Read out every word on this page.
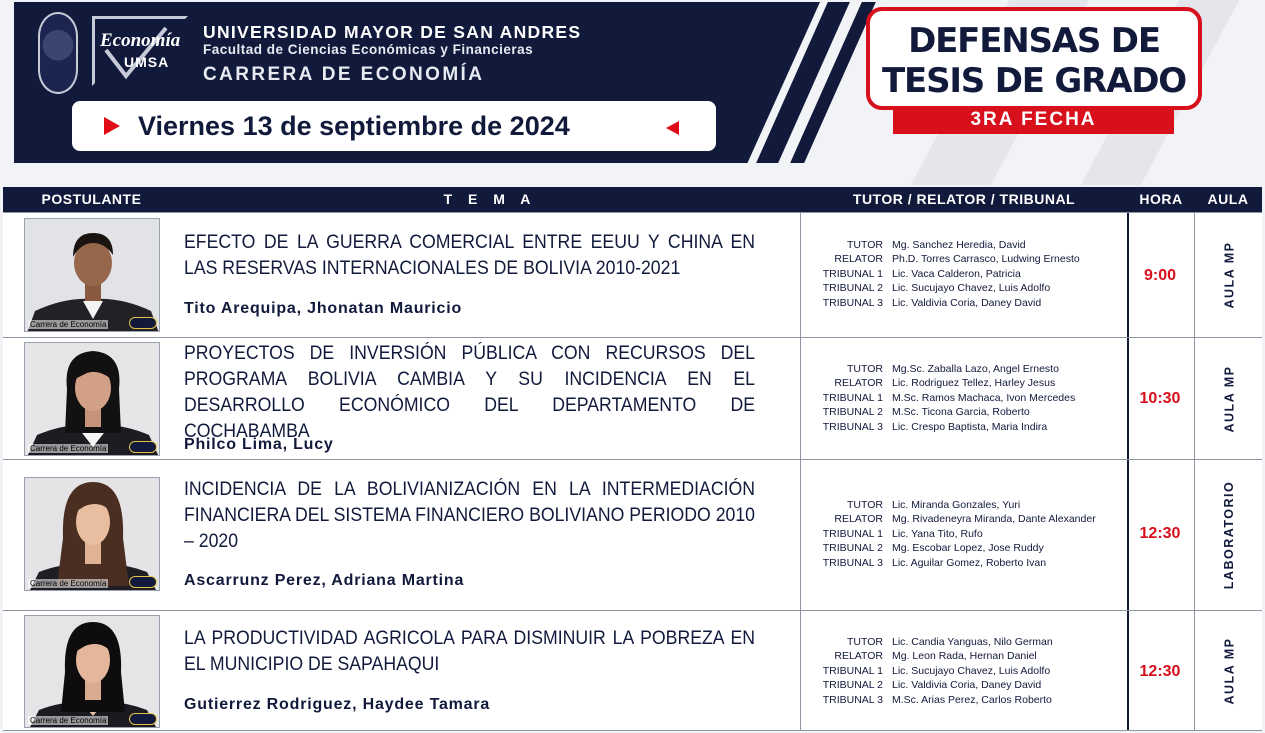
Economía
UMSA
UNIVERSIDAD MAYOR DE SAN ANDRES
Facultad de Ciencias Económicas y Financieras
CARRERA DE ECONOMÍA
Viernes 13 de septiembre de 2024
DEFENSAS DE
TESIS DE GRADO
3RA FECHA
POSTULANTE	T E M A	TUTOR / RELATOR / TRIBUNAL	HORA	AULA
Carrera de Economía
EFECTO DE LA GUERRA COMERCIAL ENTRE EEUU Y CHINA EN LAS RESERVAS INTERNACIONALES DE BOLIVIA 2010-2021
Tito Arequipa, Jhonatan Mauricio
TUTOR Mg. Sanchez Heredia, David
RELATOR Ph.D. Torres Carrasco, Ludwing Ernesto
TRIBUNAL 1 Lic. Vaca Calderon, Patricia
TRIBUNAL 2 Lic. Sucujayo Chavez, Luis Adolfo
TRIBUNAL 3 Lic. Valdivia Coria, Daney David
9:00	AULA MP
Carrera de Economía
PROYECTOS DE INVERSIÓN PÚBLICA CON RECURSOS DEL PROGRAMA BOLIVIA CAMBIA Y SU INCIDENCIA EN EL DESARROLLO ECONÓMICO DEL DEPARTAMENTO DE COCHABAMBA
Philco Lima, Lucy
TUTOR Mg.Sc. Zaballa Lazo, Angel Ernesto
RELATOR Lic. Rodriguez Tellez, Harley Jesus
TRIBUNAL 1 M.Sc. Ramos Machaca, Ivon Mercedes
TRIBUNAL 2 M.Sc. Ticona Garcia, Roberto
TRIBUNAL 3 Lic. Crespo Baptista, Maria Indira
10:30	AULA MP
Carrera de Economía
INCIDENCIA DE LA BOLIVIANIZACIÓN EN LA INTERMEDIACIÓN FINANCIERA DEL SISTEMA FINANCIERO BOLIVIANO PERIODO 2010 – 2020
Ascarrunz Perez, Adriana Martina
TUTOR Lic. Miranda Gonzales, Yuri
RELATOR Mg. Rivadeneyra Miranda, Dante Alexander
TRIBUNAL 1 Lic. Yana Tito, Rufo
TRIBUNAL 2 Mg. Escobar Lopez, Jose Ruddy
TRIBUNAL 3 Lic. Aguilar Gomez, Roberto Ivan
12:30	LABORATORIO
Carrera de Economía
LA PRODUCTIVIDAD AGRICOLA PARA DISMINUIR LA POBREZA EN EL MUNICIPIO DE SAPAHAQUI
Gutierrez Rodriguez, Haydee Tamara
TUTOR Lic. Candia Yanguas, Nilo German
RELATOR Mg. Leon Rada, Hernan Daniel
TRIBUNAL 1 Lic. Sucujayo Chavez, Luis Adolfo
TRIBUNAL 2 Lic. Valdivia Coria, Daney David
TRIBUNAL 3 M.Sc. Arias Perez, Carlos Roberto
12:30	AULA MP
